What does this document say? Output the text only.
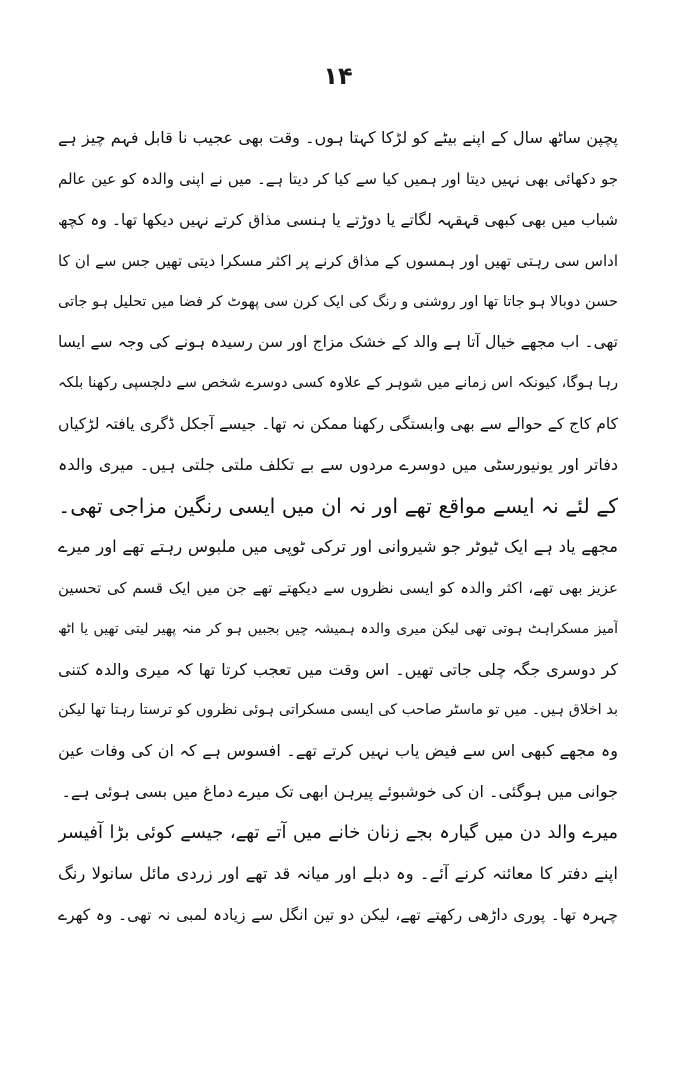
١۴
پچپن ساٹھ سال کے اپنے بیٹے کو لڑکا کہتا ہوں۔ وقت بھی عجیب نا قابل فہم چیز ہے
جو دکھائی بھی نہیں دیتا اور ہمیں کیا سے کیا کر دیتا ہے۔ میں نے اپنی والدہ کو عین عالم
شباب میں بھی کبھی قہقہہ لگاتے یا دوڑتے یا ہنسی مذاق کرتے نہیں دیکھا تھا۔ وہ کچھ
اداس سی رہتی تھیں اور ہمسوں کے مذاق کرنے پر اکثر مسکرا دیتی تھیں جس سے ان کا
حسن دوبالا ہو جاتا تھا اور روشنی و رنگ کی ایک کرن سی پھوٹ کر فضا میں تحلیل ہو جاتی
تھی۔ اب مجھے خیال آتا ہے والد کے خشک مزاج اور سن رسیدہ ہونے کی وجہ سے ایسا
رہا ہوگا، کیونکہ اس زمانے میں شوہر کے علاوہ کسی دوسرے شخص سے دلچسپی رکھنا بلکہ
کام کاج کے حوالے سے بھی وابستگی رکھنا ممکن نہ تھا۔ جیسے آجکل ڈگری یافتہ لڑکیاں
دفاتر اور یونیورسٹی میں دوسرے مردوں سے بے تکلف ملتی جلتی ہیں۔ میری والدہ
کے لئے نہ ایسے مواقع تھے اور نہ ان میں ایسی رنگین مزاجی تھی۔
مجھے یاد ہے ایک ٹیوٹر جو شیروانی اور ترکی ٹوپی میں ملبوس رہتے تھے اور میرے
عزیز بھی تھے، اکثر والدہ کو ایسی نظروں سے دیکھتے تھے جن میں ایک قسم کی تحسین
آمیز مسکراہٹ ہوتی تھی لیکن میری والدہ ہمیشہ چیں بجبیں ہو کر منہ پھیر لیتی تھیں یا اٹھ
کر دوسری جگہ چلی جاتی تھیں۔ اس وقت میں تعجب کرتا تھا کہ میری والدہ کتنی
بد اخلاق ہیں۔ میں تو ماسٹر صاحب کی ایسی مسکراتی ہوئی نظروں کو ترستا رہتا تھا لیکن
وہ مجھے کبھی اس سے فیض یاب نہیں کرتے تھے۔ افسوس ہے کہ ان کی وفات عین
جوانی میں ہوگئی۔ ان کی خوشبوئے پیرہن ابھی تک میرے دماغ میں بسی ہوئی ہے۔
میرے والد دن میں گیارہ بجے زنان خانے میں آتے تھے، جیسے کوئی بڑا آفیسر
اپنے دفتر کا معائنہ کرنے آئے۔ وہ دبلے اور میانہ قد تھے اور زردی مائل سانولا رنگ
چہرہ تھا۔ پوری داڑھی رکھتے تھے، لیکن دو تین انگل سے زیادہ لمبی نہ تھی۔ وہ کھرے
